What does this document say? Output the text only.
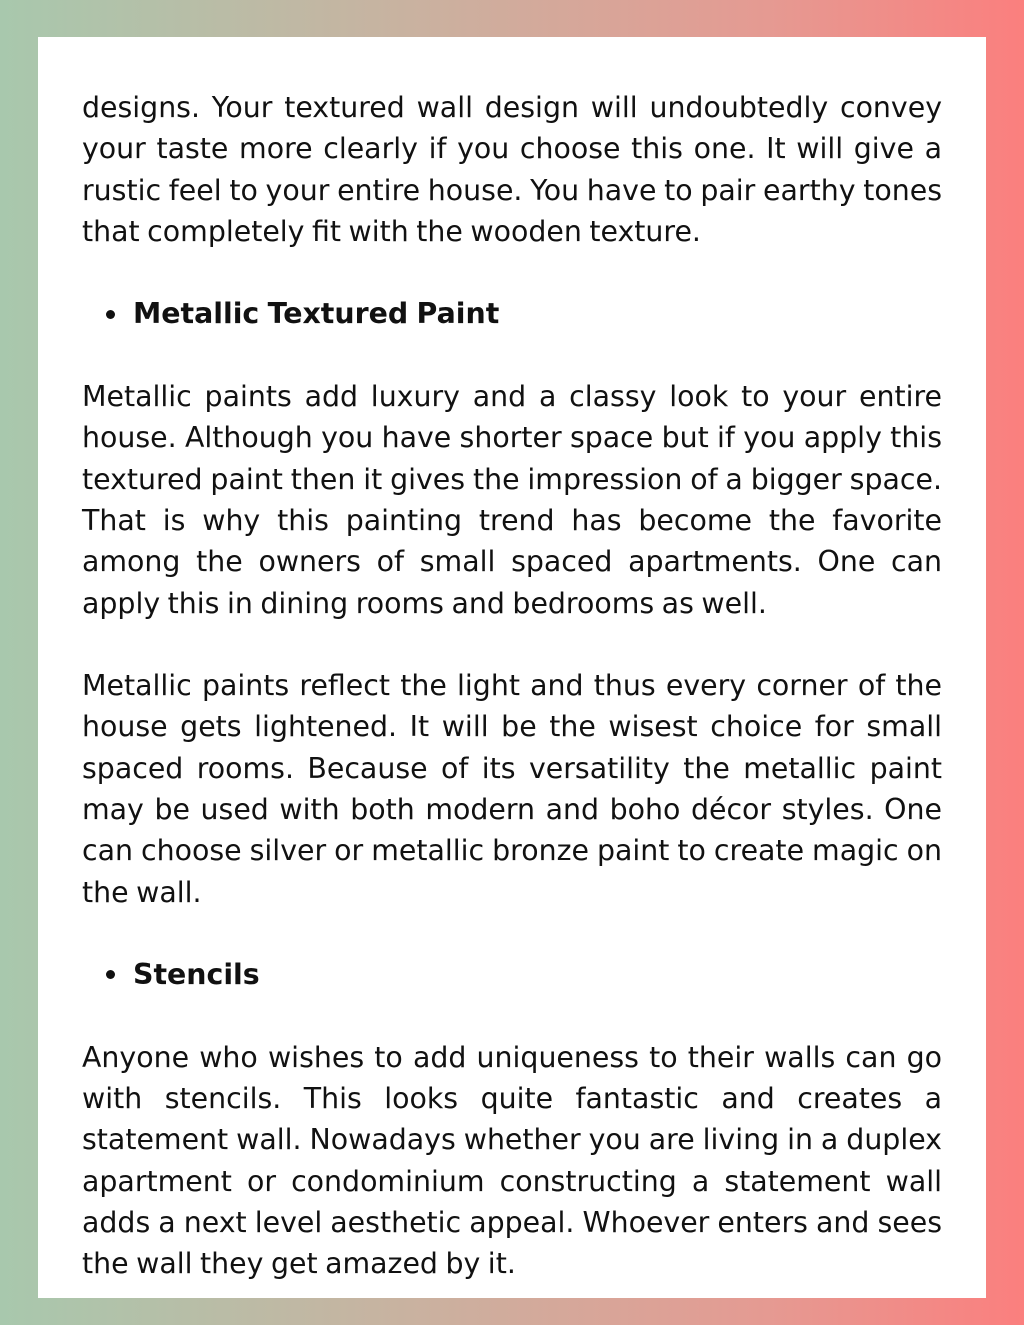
designs. Your textured wall design will undoubtedly convey your taste more clearly if you choose this one. It will give a rustic feel to your entire house. You have to pair earthy tones that completely fit with the wooden texture.

Metallic Textured Paint

Metallic paints add luxury and a classy look to your entire house. Although you have shorter space but if you apply this textured paint then it gives the impression of a bigger space. That is why this painting trend has become the favorite among the owners of small spaced apartments. One can apply this in dining rooms and bedrooms as well.

Metallic paints reflect the light and thus every corner of the house gets lightened. It will be the wisest choice for small spaced rooms. Because of its versatility the metallic paint may be used with both modern and boho décor styles. One can choose silver or metallic bronze paint to create magic on the wall.

Stencils

Anyone who wishes to add uniqueness to their walls can go with stencils. This looks quite fantastic and creates a statement wall. Nowadays whether you are living in a duplex apartment or condominium constructing a statement wall adds a next level aesthetic appeal. Whoever enters and sees the wall they get amazed by it.
